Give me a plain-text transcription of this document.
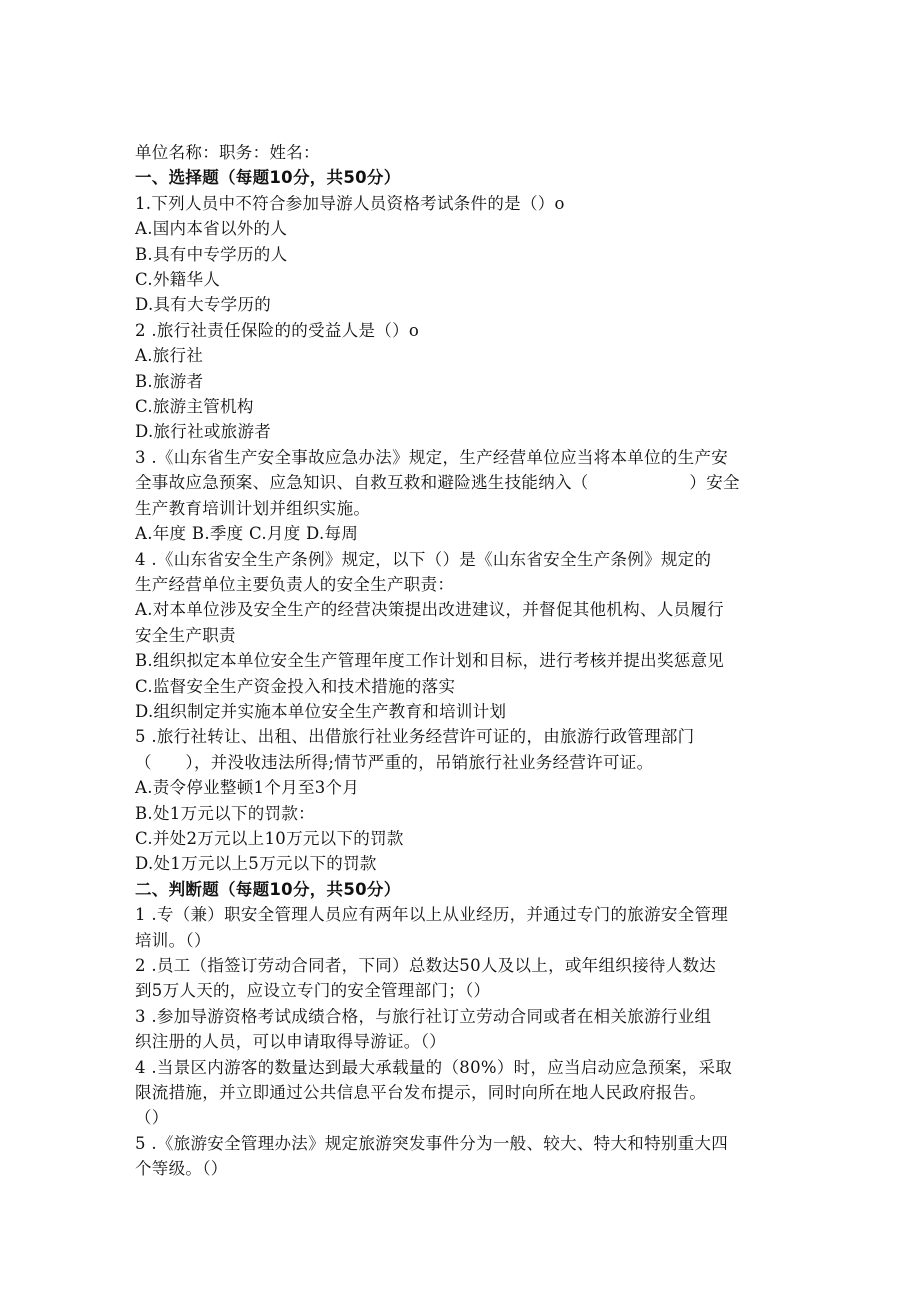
单位名称：职务：姓名：

一、选择题（每题10分，共50分）

1.下列人员中不符合参加导游人员资格考试条件的是（）o

A.国内本省以外的人

B.具有中专学历的人

C.外籍华人

D.具有大专学历的

2 .旅行社责任保险的的受益人是（）o

A.旅行社

B.旅游者

C.旅游主管机构

D.旅行社或旅游者

3 .《山东省生产安全事故应急办法》规定，生产经营单位应当将本单位的生产安

全事故应急预案、应急知识、自救互救和避险逃生技能纳入（　　　　　　）安全

生产教育培训计划并组织实施。

A.年度 B.季度 C.月度 D.每周

4 .《山东省安全生产条例》规定，以下（）是《山东省安全生产条例》规定的

生产经营单位主要负责人的安全生产职责：

A.对本单位涉及安全生产的经营决策提出改进建议，并督促其他机构、人员履行

安全生产职责

B.组织拟定本单位安全生产管理年度工作计划和目标，进行考核并提出奖惩意见

C.监督安全生产资金投入和技术措施的落实

D.组织制定并实施本单位安全生产教育和培训计划

5 .旅行社转让、出租、出借旅行社业务经营许可证的，由旅游行政管理部门

（　　），并没收违法所得;情节严重的，吊销旅行社业务经营许可证。

A.责令停业整顿1个月至3个月

B.处1万元以下的罚款：

C.并处2万元以上10万元以下的罚款

D.处1万元以上5万元以下的罚款

二、判断题（每题10分，共50分）

1 .专（兼）职安全管理人员应有两年以上从业经历，并通过专门的旅游安全管理

培训。（）

2 .员工（指签订劳动合同者，下同）总数达50人及以上，或年组织接待人数达

到5万人天的，应设立专门的安全管理部门；（）

3 .参加导游资格考试成绩合格，与旅行社订立劳动合同或者在相关旅游行业组

织注册的人员，可以申请取得导游证。（）

4 .当景区内游客的数量达到最大承载量的（80%）时，应当启动应急预案，采取

限流措施，并立即通过公共信息平台发布提示，同时向所在地人民政府报告。

（）

5 .《旅游安全管理办法》规定旅游突发事件分为一般、较大、特大和特别重大四

个等级。（）
